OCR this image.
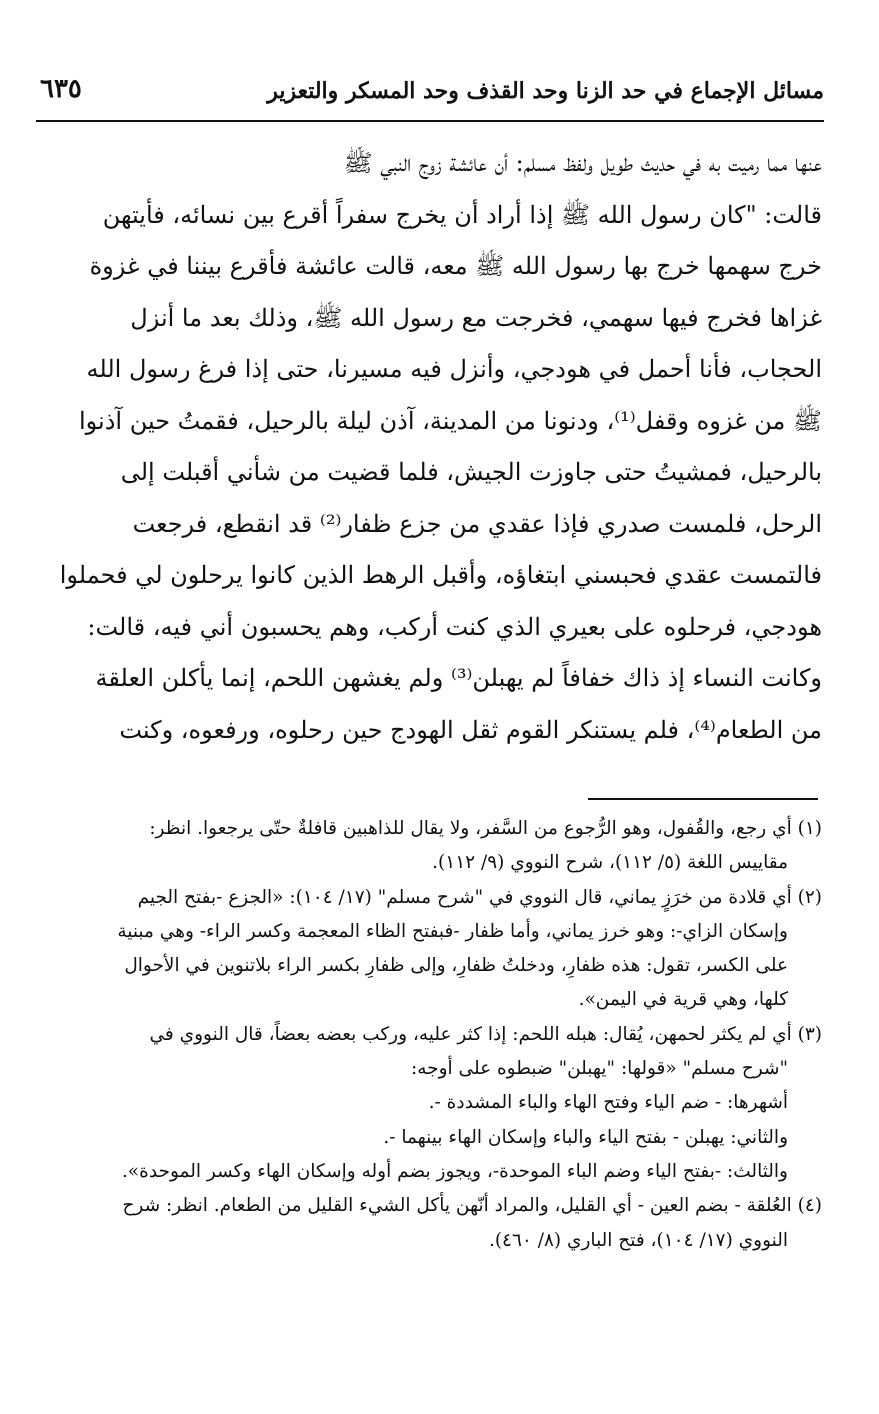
مسائل الإجماع في حد الزنا وحد القذف وحد المسكر والتعزير
٦٣٥
عنها مما رميت به في حديث طويل ولفظ مسلم: أن عائشة زوج النبي ﷺ
قالت: "كان رسول الله ﷺ إذا أراد أن يخرج سفراً أقرع بين نسائه، فأيتهن
خرج سهمها خرج بها رسول الله ﷺ معه، قالت عائشة فأقرع بيننا في غزوة
غزاها فخرج فيها سهمي، فخرجت مع رسول الله ﷺ، وذلك بعد ما أنزل
الحجاب، فأنا أحمل في هودجي، وأنزل فيه مسيرنا، حتى إذا فرغ رسول الله
ﷺ من غزوه وقفل⁽¹⁾، ودنونا من المدينة، آذن ليلة بالرحيل، فقمتُ حين آذنوا
بالرحيل، فمشيتُ حتى جاوزت الجيش، فلما قضيت من شأني أقبلت إلى
الرحل، فلمست صدري فإذا عقدي من جزع ظفار⁽²⁾ قد انقطع، فرجعت
فالتمست عقدي فحبسني ابتغاؤه، وأقبل الرهط الذين كانوا يرحلون لي فحملوا
هودجي، فرحلوه على بعيري الذي كنت أركب، وهم يحسبون أني فيه، قالت:
وكانت النساء إذ ذاك خفافاً لم يهبلن⁽³⁾ ولم يغشهن اللحم، إنما يأكلن العلقة
من الطعام⁽⁴⁾، فلم يستنكر القوم ثقل الهودج حين رحلوه، ورفعوه، وكنت
(١) أي رجع، والقُفول، وهو الرُّجوع من السَّفر، ولا يقال للذاهبين قافلةٌ حتّى يرجعوا. انظر:
مقاييس اللغة (٥/ ١١٢)، شرح النووي (٩/ ١١٢).
(٢) أي قلادة من خرَزٍ يماني، قال النووي في "شرح مسلم" (١٧/ ١٠٤): «الجزع -بفتح الجيم
وإسكان الزاي-: وهو خرز يماني، وأما ظفار -فبفتح الظاء المعجمة وكسر الراء- وهي مبنية
على الكسر، تقول: هذه ظفارِ، ودخلتُ ظفارِ، وإلى ظفارِ بكسر الراء بلاتنوين في الأحوال
كلها، وهي قرية في اليمن».
(٣) أي لم يكثر لحمهن، يُقال: هبله اللحم: إذا كثر عليه، وركب بعضه بعضاً، قال النووي في
"شرح مسلم" «قولها: "يهبلن" ضبطوه على أوجه:
أشهرها: - ضم الياء وفتح الهاء والباء المشددة -.
والثاني: يهبلن - بفتح الياء والباء وإسكان الهاء بينهما -.
والثالث: -بفتح الياء وضم الباء الموحدة-، ويجوز بضم أوله وإسكان الهاء وكسر الموحدة».
(٤) العُلقة - بضم العين - أي القليل، والمراد أنّهن يأكل الشيء القليل من الطعام. انظر: شرح
النووي (١٧/ ١٠٤)، فتح الباري (٨/ ٤٦٠).
